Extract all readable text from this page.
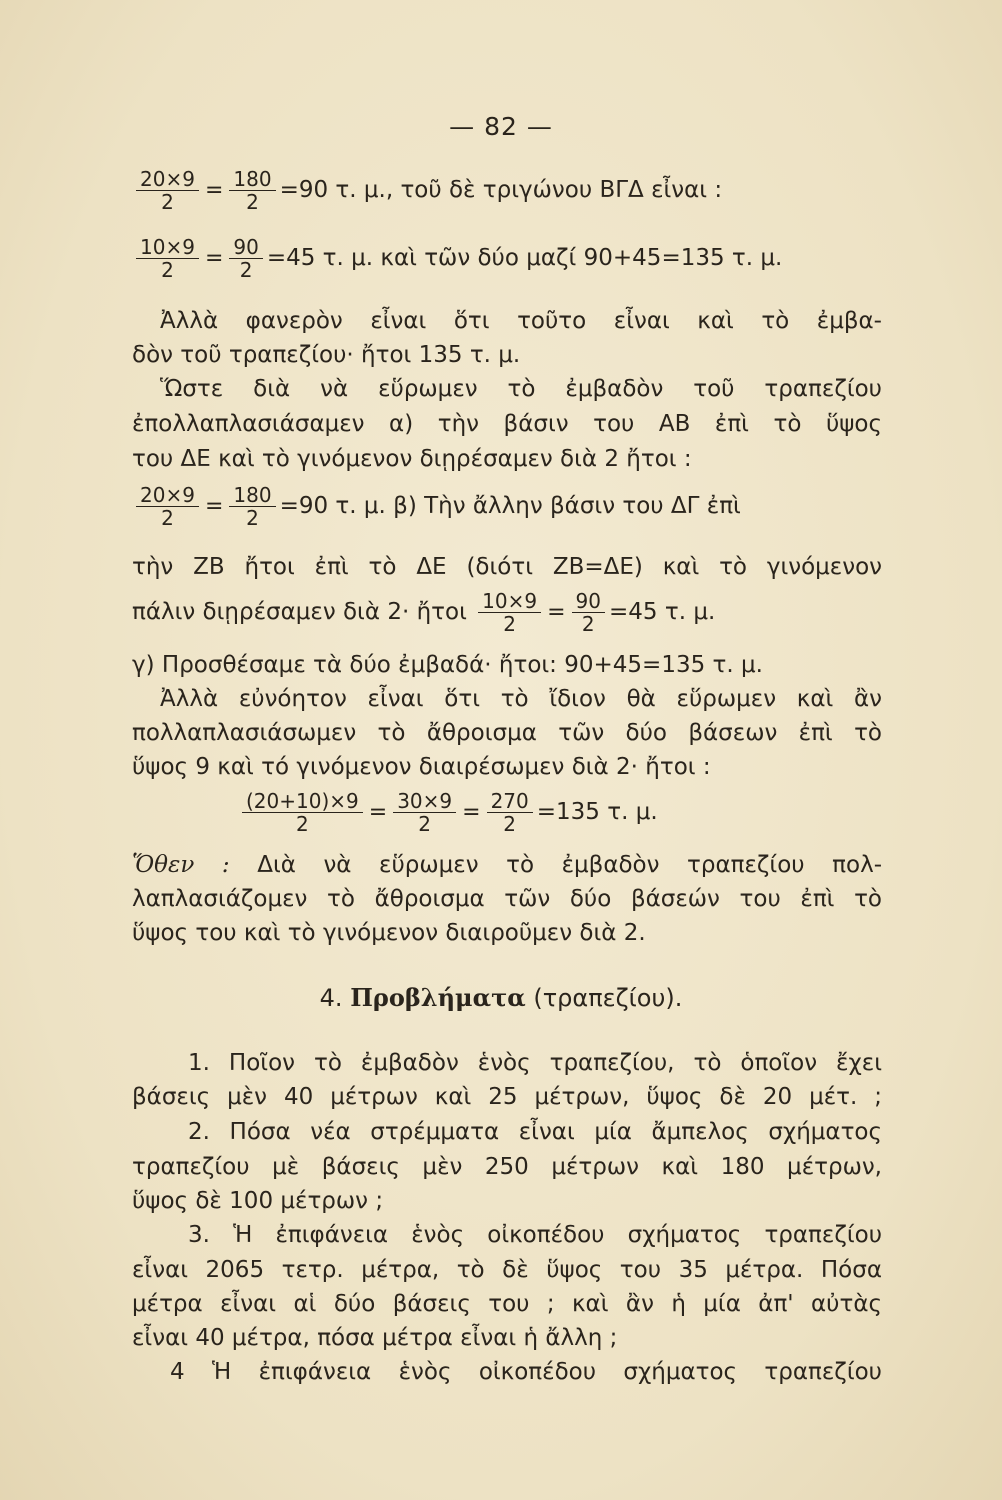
— 82 —
$\frac{20\times 9}{2} = \frac{180}{2} =90$ τ. μ., τοῦ δὲ τριγώνου ΒΓΔ εἶναι :
$\frac{10\times 9}{2} = \frac{90}{2} =45$ τ. μ. καὶ τῶν δύο μαζί 90+45=135 τ. μ.
Ἀλλὰ φανερὸν εἶναι ὅτι τοῦτο εἶναι καὶ τὸ ἐμβα-
δὸν τοῦ τραπεζίου· ἤτοι 135 τ. μ.
Ὥστε διὰ νὰ εὕρωμεν τὸ ἐμβαδὸν τοῦ τραπεζίου
ἐπολλαπλασιάσαμεν α) τὴν βάσιν του ΑΒ ἐπὶ τὸ ὕψος
του ΔΕ καὶ τὸ γινόμενον διῃρέσαμεν διὰ 2 ἤτοι :
$\frac{20\times 9}{2} = \frac{180}{2} =90$ τ. μ. β) Τὴν ἄλλην βάσιν του ΔΓ ἐπὶ
τὴν ΖΒ ἤτοι ἐπὶ τὸ ΔΕ (διότι ΖΒ=ΔΕ) καὶ τὸ γινόμενον
πάλιν διῃρέσαμεν διὰ 2· ἤτοι $\frac{10\times 9}{2} = \frac{90}{2} =45$ τ. μ.
γ) Προσθέσαμε τὰ δύο ἐμβαδά· ἤτοι: 90+45=135 τ. μ.
Ἀλλὰ εὐνόητον εἶναι ὅτι τὸ ἴδιον θὰ εὕρωμεν καὶ ἂν
πολλαπλασιάσωμεν τὸ ἄθροισμα τῶν δύο βάσεων ἐπὶ τὸ
ὕψος 9 καὶ τό γινόμενον διαιρέσωμεν διὰ 2· ἤτοι :
$\frac{(20+10)\times 9}{2} = \frac{30\times 9}{2} = \frac{270}{2} =135$ τ. μ.
Ὅθεν : Διὰ νὰ εὕρωμεν τὸ ἐμβαδὸν τραπεζίου πολ-
λαπλασιάζομεν τὸ ἄθροισμα τῶν δύο βάσεών του ἐπὶ τὸ
ὕψος του καὶ τὸ γινόμενον διαιροῦμεν διὰ 2.
4. Προβλήματα (τραπεζίου).
1. Ποῖον τὸ ἐμβαδὸν ἑνὸς τραπεζίου, τὸ ὁποῖον ἔχει
βάσεις μὲν 40 μέτρων καὶ 25 μέτρων, ὕψος δὲ 20 μέτ. ;
2. Πόσα νέα στρέμματα εἶναι μία ἄμπελος σχήματος
τραπεζίου μὲ βάσεις μὲν 250 μέτρων καὶ 180 μέτρων,
ὕψος δὲ 100 μέτρων ;
3. Ἡ ἐπιφάνεια ἑνὸς οἰκοπέδου σχήματος τραπεζίου
εἶναι 2065 τετρ. μέτρα, τὸ δὲ ὕψος του 35 μέτρα. Πόσα
μέτρα εἶναι αἱ δύο βάσεις του ; καὶ ἂν ἡ μία ἀπ' αὐτὰς
εἶναι 40 μέτρα, πόσα μέτρα εἶναι ἡ ἄλλη ;
4 Ἡ ἐπιφάνεια ἑνὸς οἰκοπέδου σχήματος τραπεζίου
